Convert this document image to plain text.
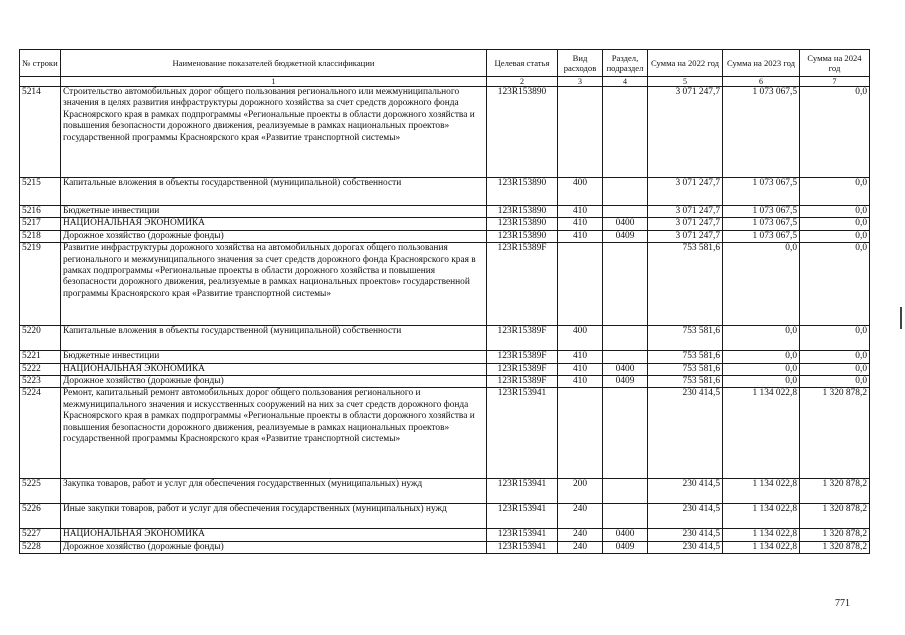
№ строки	Наименование показателей бюджетной классификации	Целевая статья	Вид расходов	Раздел, подраздел	Сумма на 2022 год	Сумма на 2023 год	Сумма на 2024 год
	1	2	3	4	5	6	7
5214	Строительство автомобильных дорог общего пользования регионального или межмуниципального значения в целях развития инфраструктуры дорожного хозяйства за счет средств дорожного фонда Красноярского края в рамках подпрограммы «Региональные проекты в области дорожного хозяйства и повышения безопасности дорожного движения, реализуемые в рамках национальных проектов» государственной программы Красноярского края «Развитие транспортной системы»	123R153890			3 071 247,7	1 073 067,5	0,0
5215	Капитальные вложения в объекты государственной (муниципальной) собственности	123R153890	400		3 071 247,7	1 073 067,5	0,0
5216	Бюджетные инвестиции	123R153890	410		3 071 247,7	1 073 067,5	0,0
5217	НАЦИОНАЛЬНАЯ ЭКОНОМИКА	123R153890	410	0400	3 071 247,7	1 073 067,5	0,0
5218	Дорожное хозяйство (дорожные фонды)	123R153890	410	0409	3 071 247,7	1 073 067,5	0,0
5219	Развитие инфраструктуры дорожного хозяйства на автомобильных дорогах общего пользования регионального и межмуниципального значения за счет средств дорожного фонда Красноярского края в рамках подпрограммы «Региональные проекты в области дорожного хозяйства и повышения безопасности дорожного движения, реализуемые в рамках национальных проектов» государственной программы Красноярского края «Развитие транспортной системы»	123R15389F			753 581,6	0,0	0,0
5220	Капитальные вложения в объекты государственной (муниципальной) собственности	123R15389F	400		753 581,6	0,0	0,0
5221	Бюджетные инвестиции	123R15389F	410		753 581,6	0,0	0,0
5222	НАЦИОНАЛЬНАЯ ЭКОНОМИКА	123R15389F	410	0400	753 581,6	0,0	0,0
5223	Дорожное хозяйство (дорожные фонды)	123R15389F	410	0409	753 581,6	0,0	0,0
5224	Ремонт, капитальный ремонт автомобильных дорог общего пользования регионального и межмуниципального значения и искусственных сооружений на них за счет средств дорожного фонда Красноярского края в рамках подпрограммы «Региональные проекты в области дорожного хозяйства и повышения безопасности дорожного движения, реализуемые в рамках национальных проектов» государственной программы Красноярского края «Развитие транспортной системы»	123R153941			230 414,5	1 134 022,8	1 320 878,2
5225	Закупка товаров, работ и услуг для обеспечения государственных (муниципальных) нужд	123R153941	200		230 414,5	1 134 022,8	1 320 878,2
5226	Иные закупки товаров, работ и услуг для обеспечения государственных (муниципальных) нужд	123R153941	240		230 414,5	1 134 022,8	1 320 878,2
5227	НАЦИОНАЛЬНАЯ ЭКОНОМИКА	123R153941	240	0400	230 414,5	1 134 022,8	1 320 878,2
5228	Дорожное хозяйство (дорожные фонды)	123R153941	240	0409	230 414,5	1 134 022,8	1 320 878,2
771
